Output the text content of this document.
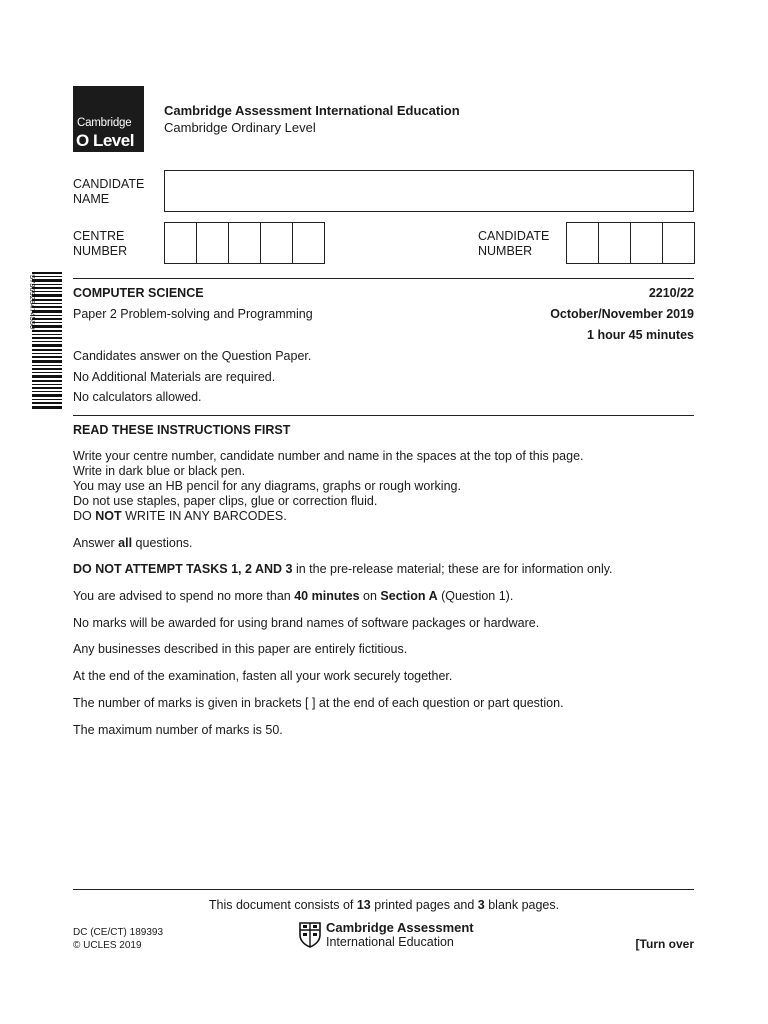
Cambridge
O Level
Cambridge Assessment International Education
Cambridge Ordinary Level
CANDIDATE
NAME
CENTRE
NUMBER
CANDIDATE
NUMBER
*5736928474550*	COMPUTER SCIENCE	2210/22
Paper 2 Problem-solving and Programming	October/November 2019
1 hour 45 minutes
Candidates answer on the Question Paper.
No Additional Materials are required.
No calculators allowed.
READ THESE INSTRUCTIONS FIRST
Write your centre number, candidate number and name in the spaces at the top of this page.
Write in dark blue or black pen.
You may use an HB pencil for any diagrams, graphs or rough working.
Do not use staples, paper clips, glue or correction fluid.
DO NOT WRITE IN ANY BARCODES.
Answer all questions.
DO NOT ATTEMPT TASKS 1, 2 AND 3 in the pre-release material; these are for information only.
You are advised to spend no more than 40 minutes on Section A (Question 1).
No marks will be awarded for using brand names of software packages or hardware.
Any businesses described in this paper are entirely fictitious.
At the end of the examination, fasten all your work securely together.
The number of marks is given in brackets [ ] at the end of each question or part question.
The maximum number of marks is 50.
This document consists of 13 printed pages and 3 blank pages.
DC (CE/CT) 189393
© UCLES 2019
Cambridge Assessment
International Education	[Turn over
